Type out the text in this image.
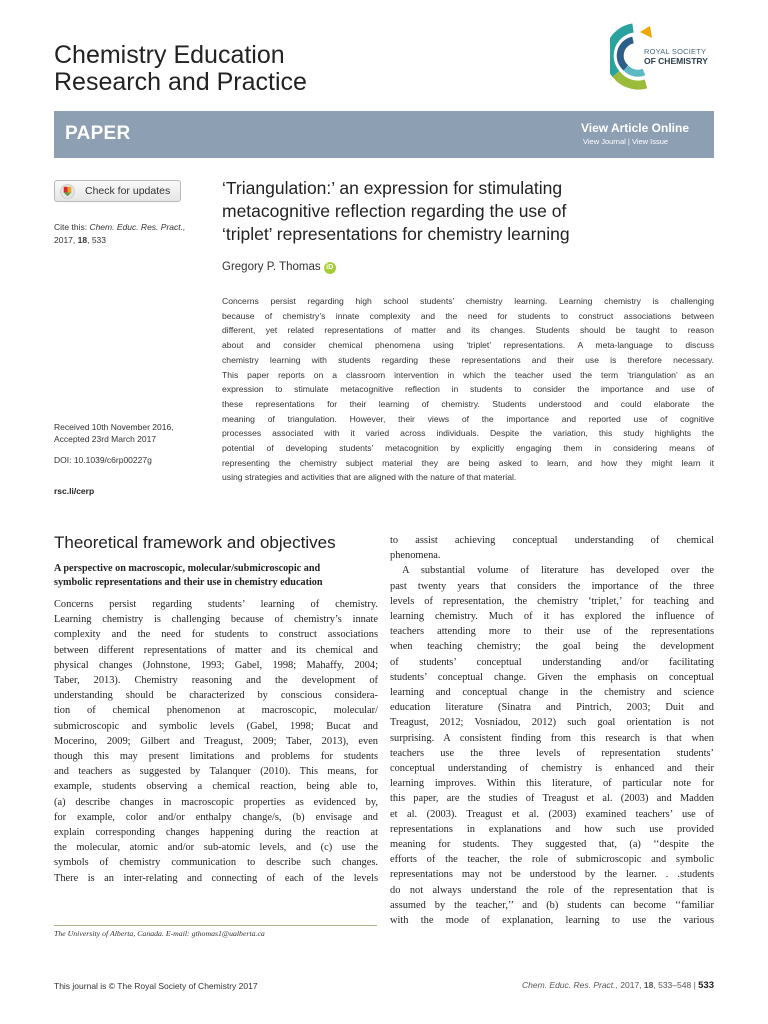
Chemistry Education
Research and Practice
ROYAL SOCIETY
OF CHEMISTRY
PAPER	View Article Online
View Journal | View Issue
Check for updates
Cite this: Chem. Educ. Res. Pract.,
2017, 18, 533
‘Triangulation:’ an expression for stimulating
metacognitive reflection regarding the use of
‘triplet’ representations for chemistry learning
Gregory P. Thomas iD
Concerns persist regarding high school students’ chemistry learning. Learning chemistry is challenging
because of chemistry’s innate complexity and the need for students to construct associations between
different, yet related representations of matter and its changes. Students should be taught to reason
about and consider chemical phenomena using ‘triplet’ representations. A meta-language to discuss
chemistry learning with students regarding these representations and their use is therefore necessary.
This paper reports on a classroom intervention in which the teacher used the term ‘triangulation’ as an
expression to stimulate metacognitive reflection in students to consider the importance and use of
these representations for their learning of chemistry. Students understood and could elaborate the
meaning of triangulation. However, their views of the importance and reported use of cognitive
processes associated with it varied across individuals. Despite the variation, this study highlights the
potential of developing students’ metacognition by explicitly engaging them in considering means of
representing the chemistry subject material they are being asked to learn, and how they might learn it
using strategies and activities that are aligned with the nature of that material.
Received 10th November 2016,
Accepted 23rd March 2017
DOI: 10.1039/c6rp00227g
rsc.li/cerp
Theoretical framework and objectives
A perspective on macroscopic, molecular/submicroscopic and
symbolic representations and their use in chemistry education
Concerns persist regarding students’ learning of chemistry.
Learning chemistry is challenging because of chemistry’s innate
complexity and the need for students to construct associations
between different representations of matter and its chemical and
physical changes (Johnstone, 1993; Gabel, 1998; Mahaffy, 2004;
Taber, 2013). Chemistry reasoning and the development of
understanding should be characterized by conscious considera-
tion of chemical phenomenon at macroscopic, molecular/
submicroscopic and symbolic levels (Gabel, 1998; Bucat and
Mocerino, 2009; Gilbert and Treagust, 2009; Taber, 2013), even
though this may present limitations and problems for students
and teachers as suggested by Talanquer (2010). This means, for
example, students observing a chemical reaction, being able to,
(a) describe changes in macroscopic properties as evidenced by,
for example, color and/or enthalpy change/s, (b) envisage and
explain corresponding changes happening during the reaction at
the molecular, atomic and/or sub-atomic levels, and (c) use the
symbols of chemistry communication to describe such changes.
There is an inter-relating and connecting of each of the levels
to assist achieving conceptual understanding of chemical
phenomena.
A substantial volume of literature has developed over the
past twenty years that considers the importance of the three
levels of representation, the chemistry ‘triplet,’ for teaching and
learning chemistry. Much of it has explored the influence of
teachers attending more to their use of the representations
when teaching chemistry; the goal being the development
of students’ conceptual understanding and/or facilitating
students’ conceptual change. Given the emphasis on conceptual
learning and conceptual change in the chemistry and science
education literature (Sinatra and Pintrich, 2003; Duit and
Treagust, 2012; Vosniadou, 2012) such goal orientation is not
surprising. A consistent finding from this research is that when
teachers use the three levels of representation students’
conceptual understanding of chemistry is enhanced and their
learning improves. Within this literature, of particular note for
this paper, are the studies of Treagust et al. (2003) and Madden
et al. (2003). Treagust et al. (2003) examined teachers’ use of
representations in explanations and how such use provided
meaning for students. They suggested that, (a) ‘‘despite the
efforts of the teacher, the role of submicroscopic and symbolic
representations may not be understood by the learner. . .students
do not always understand the role of the representation that is
assumed by the teacher,’’ and (b) students can become ‘‘familiar
with the mode of explanation, learning to use the various
The University of Alberta, Canada. E-mail: gthomas1@ualberta.ca
This journal is © The Royal Society of Chemistry 2017	Chem. Educ. Res. Pract., 2017, 18, 533–548 | 533
